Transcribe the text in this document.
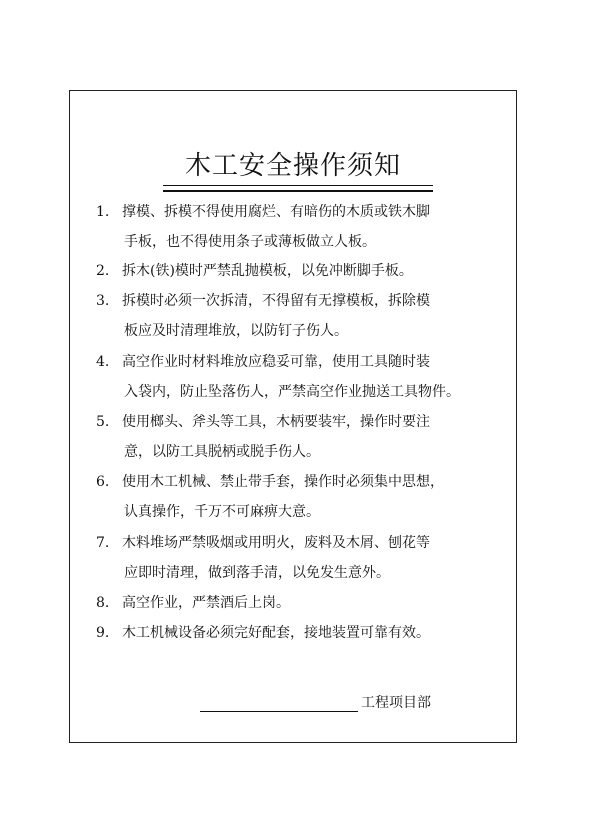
木工安全操作须知
1. 撑模、拆模不得使用腐烂、有暗伤的木质或铁木脚
手板，也不得使用条子或薄板做立人板。
2. 拆木(铁)模时严禁乱抛模板，以免冲断脚手板。
3. 拆模时必须一次拆清，不得留有无撑模板，拆除模
板应及时清理堆放，以防钉子伤人。
4. 高空作业时材料堆放应稳妥可靠，使用工具随时装
入袋内，防止坠落伤人，严禁高空作业抛送工具物件。
5. 使用榔头、斧头等工具，木柄要装牢，操作时要注
意，以防工具脱柄或脱手伤人。
6. 使用木工机械、禁止带手套，操作时必须集中思想，
认真操作，千万不可麻痹大意。
7. 木料堆场严禁吸烟或用明火，废料及木屑、刨花等
应即时清理，做到落手清，以免发生意外。
8. 高空作业，严禁酒后上岗。
9. 木工机械设备必须完好配套，接地装置可靠有效。
工程项目部
